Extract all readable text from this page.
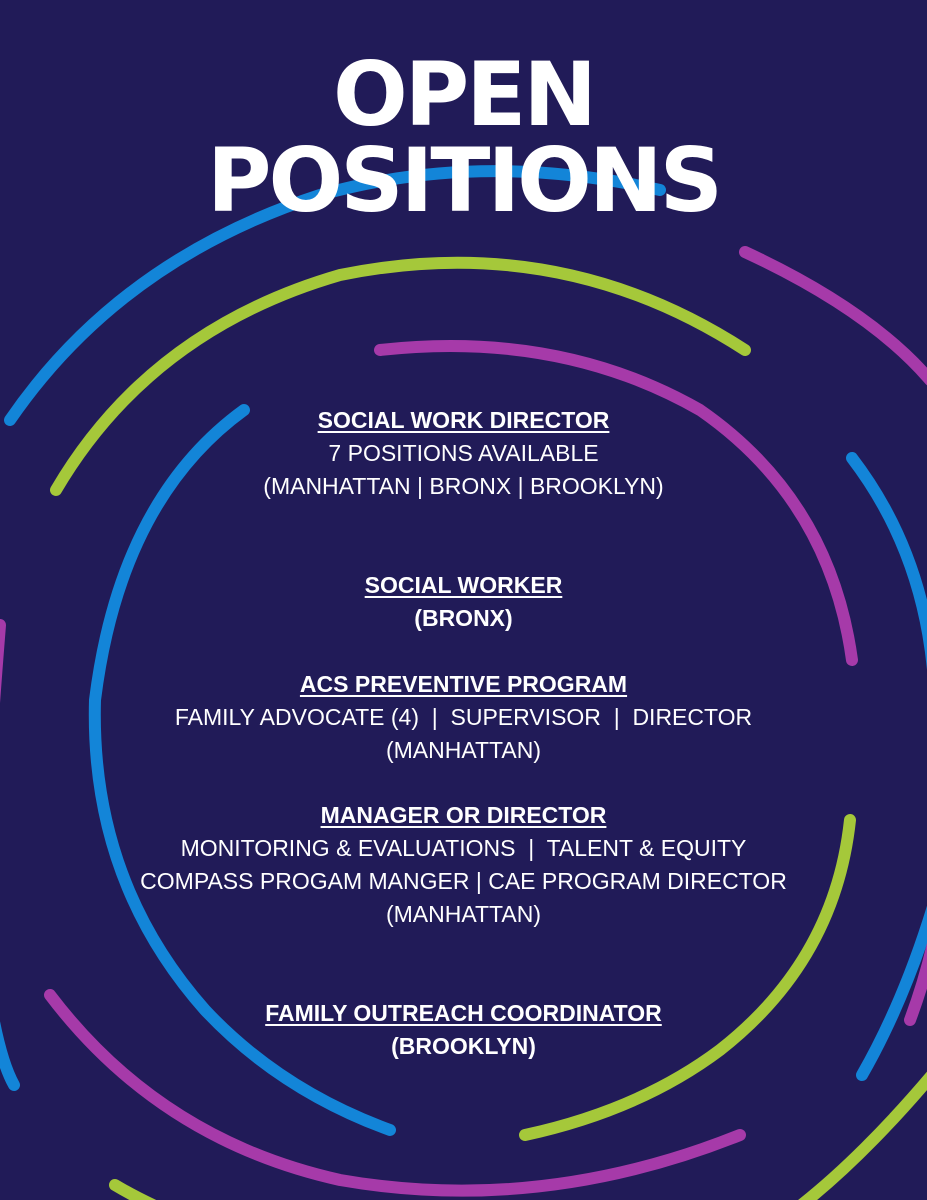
OPEN
POSITIONS
SOCIAL WORK DIRECTOR
7 POSITIONS AVAILABLE
(MANHATTAN | BRONX | BROOKLYN)
SOCIAL WORKER
(BRONX)
ACS PREVENTIVE PROGRAM
FAMILY ADVOCATE (4)  |  SUPERVISOR  |  DIRECTOR
(MANHATTAN)
MANAGER OR DIRECTOR
MONITORING & EVALUATIONS  |  TALENT & EQUITY
COMPASS PROGAM MANGER | CAE PROGRAM DIRECTOR
(MANHATTAN)
FAMILY OUTREACH COORDINATOR
(BROOKLYN)
